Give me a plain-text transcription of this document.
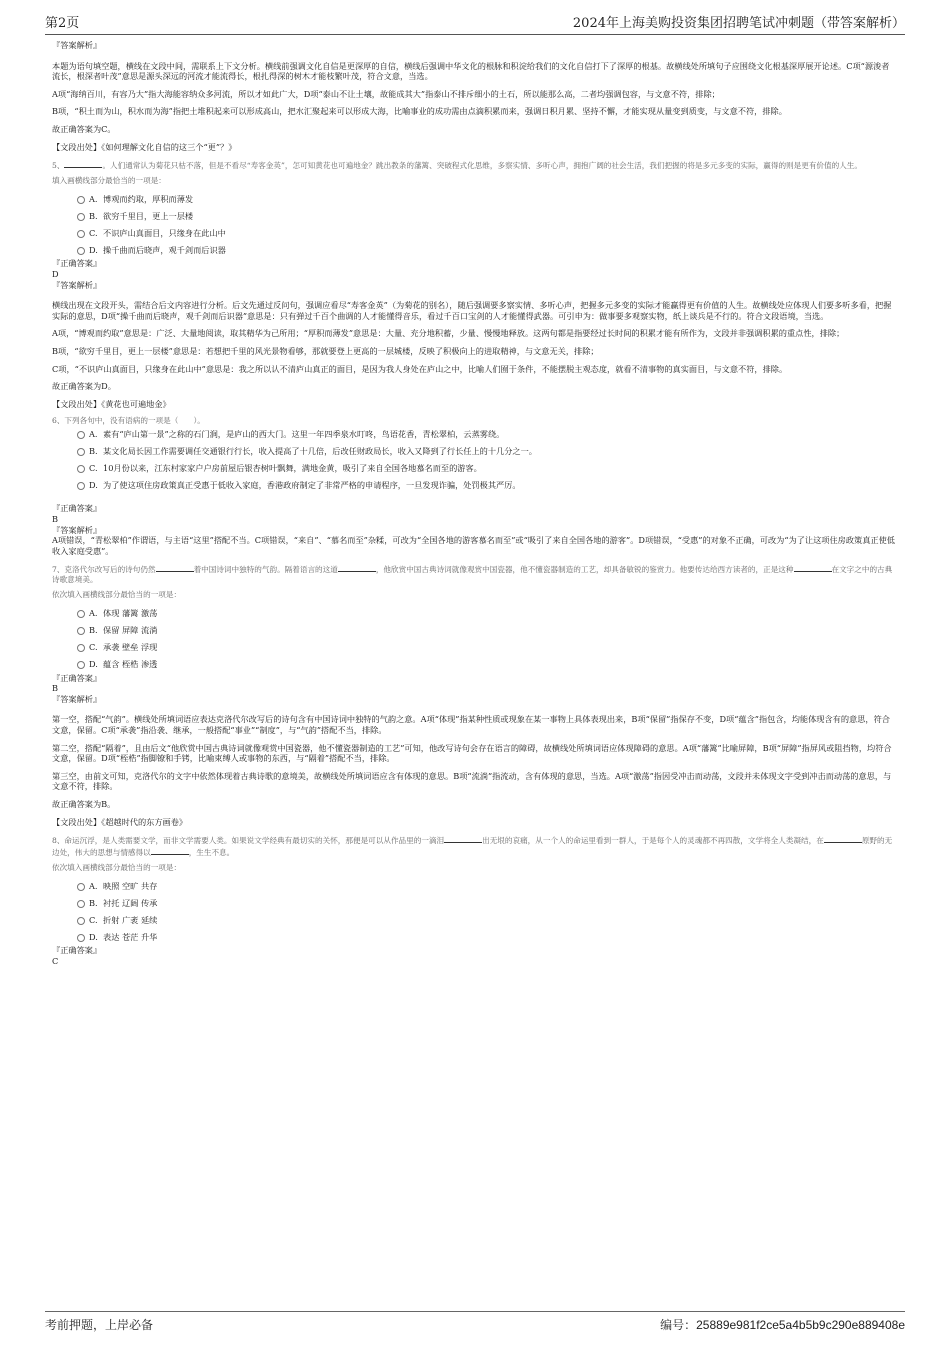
第2页	2024年上海美购投资集团招聘笔试冲刺题（带答案解析）
『答案解析』
本题为语句填空题，横线在文段中间，需联系上下文分析。横线前强调文化自信是更深厚的自信，横线后强调中华文化的根脉和积淀给我们的文化自信打下了深厚的根基。故横线处所填句子应围绕文化根基深厚展开论述。C项“源浚者流长，根深者叶茂”意思是源头深远的河流才能流得长，根扎得深的树木才能枝繁叶茂，符合文意，当选。
A项“海纳百川，有容乃大”指大海能容纳众多河流，所以才如此广大，D项“泰山不让土壤，故能成其大”指泰山不排斥细小的土石，所以能那么高，二者均强调包容，与文意不符，排除；
B项，“积土而为山，积水而为海”指把土堆积起来可以形成高山，把水汇聚起来可以形成大海，比喻事业的成功需由点滴积累而来，强调日积月累、坚持不懈，才能实现从量变到质变，与文意不符，排除。
故正确答案为C。
【文段出处】《如何理解文化自信的这三个“更”？》
5、	。人们通常认为菊花只枯不落，但是不看尽“寿客金英”，怎可知黄花也可遍地金？跳出教条的藩篱、突破程式化思维，多察实情、多听心声，拥抱广阔的社会生活，我们把握的将是多元多变的实际，赢得的则是更有价值的人生。
填入画横线部分最恰当的一项是：
A. 博观而约取，厚积而薄发
B. 欲穷千里目，更上一层楼
C. 不识庐山真面目，只缘身在此山中
D. 操千曲而后晓声，观千剑而后识器
『正确答案』
D
『答案解析』
横线出现在文段开头，需结合后文内容进行分析。后文先通过反问句，强调应看尽“寿客金英”（为菊花的别名），随后强调要多察实情、多听心声，把握多元多变的实际才能赢得更有价值的人生。故横线处应体现人们要多听多看，把握实际的意思，D项“操千曲而后晓声，观千剑而后识器”意思是：只有弹过千百个曲调的人才能懂得音乐，看过千百口宝剑的人才能懂得武器。可引申为：做事要多观察实物，纸上谈兵是不行的。符合文段语境，当选。
A项，“博观而约取”意思是：广泛、大量地阅读，取其精华为己所用；“厚积而薄发”意思是：大量、充分地积蓄，少量、慢慢地释放。这两句都是指要经过长时间的积累才能有所作为，文段并非强调积累的重点性，排除；
B项，“欲穷千里目，更上一层楼”意思是：若想把千里的风光景物看够，那就要登上更高的一层城楼，反映了积极向上的进取精神，与文意无关，排除；
C项，“不识庐山真面目，只缘身在此山中”意思是：我之所以认不清庐山真正的面目，是因为我人身处在庐山之中，比喻人们囿于条件，不能摆脱主观态度，就看不清事物的真实面目，与文意不符，排除。
故正确答案为D。
【文段出处】《黄花也可遍地金》
6、下列各句中，没有语病的一项是（　　）。
A. 素有“庐山第一景”之称的石门涧，是庐山的西大门。这里一年四季泉水叮咚，鸟语花香，青松翠柏，云蒸雾绕。
B. 某文化局长因工作需要调任交通银行行长，收入提高了十几倍，后改任财政局长，收入又降到了行长任上的十几分之一。
C. 10月份以来，江东村家家户户房前屋后银杏树叶飘舞，满地金黄，吸引了来自全国各地慕名而至的游客。
D. 为了使这项住房政策真正受惠于低收入家庭，香港政府制定了非常严格的申请程序，一旦发现诈骗，处罚极其严厉。
『正确答案』
B
『答案解析』
A项错误，“青松翠柏”作谓语，与主语“这里”搭配不当。C项错误，“来自”、“慕名而至”杂糅，可改为“全国各地的游客慕名而至”或“吸引了来自全国各地的游客”。D项错误，“受惠”的对象不正确，可改为“为了让这项住房政策真正使低收入家庭受惠”。
7、克洛代尔改写后的诗句仍然	着中国诗词中独特的气韵。隔着语言的这道	，他欣赏中国古典诗词就像观赏中国瓷器，他不懂瓷器制造的工艺，却具备敏锐的鉴赏力。他要传达给西方读者的，正是这种	在文字之中的古典诗歌意境美。
依次填入画横线部分最恰当的一项是：
A. 体现 藩篱 激荡
B. 保留 屏障 流淌
C. 承袭 壁垒 浮现
D. 蕴含 桎梏 渗透
『正确答案』
B
『答案解析』
第一空，搭配“气韵”。横线处所填词语应表达克洛代尔改写后的诗句含有中国诗词中独特的气韵之意。A项“体现”指某种性质或现象在某一事物上具体表现出来，B项“保留”指保存不变，D项“蕴含”指包含，均能体现含有的意思，符合文意，保留。C项“承袭”指沿袭、继承，一般搭配“事业”“制度”，与“气韵”搭配不当，排除。
第二空，搭配“隔着”，且由后文“他欣赏中国古典诗词就像观赏中国瓷器，他不懂瓷器制造的工艺”可知，他改写诗句会存在语言的障碍，故横线处所填词语应体现障碍的意思。A项“藩篱”比喻屏障，B项“屏障”指屏风或阻挡物，均符合文意，保留。D项“桎梏”指脚镣和手铐，比喻束缚人或事物的东西，与“隔着”搭配不当，排除。
第三空，由前文可知，克洛代尔的文字中依然体现着古典诗歌的意境美，故横线处所填词语应含有体现的意思。B项“流淌”指流动，含有体现的意思，当选。A项“激荡”指因受冲击而动荡，文段并未体现文字受到冲击而动荡的意思，与文意不符，排除。
故正确答案为B。
【文段出处】《超越时代的东方画卷》
8、命运沉浮，是人类需要文学，而非文学需要人类。如果说文学经典有最切实的关怀，那便是可以从作品里的一滴泪	出无垠的哀痛，从一个人的命运里看到一群人，于是每个人的灵魂都不再四散，文学将全人类凝结，在	原野的无边处，伟大的思想与情感得以	，生生不息。
依次填入画横线部分最恰当的一项是：
A. 映照 空旷 共存
B. 衬托 辽阔 传承
C. 折射 广袤 延续
D. 表达 苍茫 升华
『正确答案』
C
考前押题，上岸必备	编号：25889e981f2ce5a4b5b9c290e889408e
